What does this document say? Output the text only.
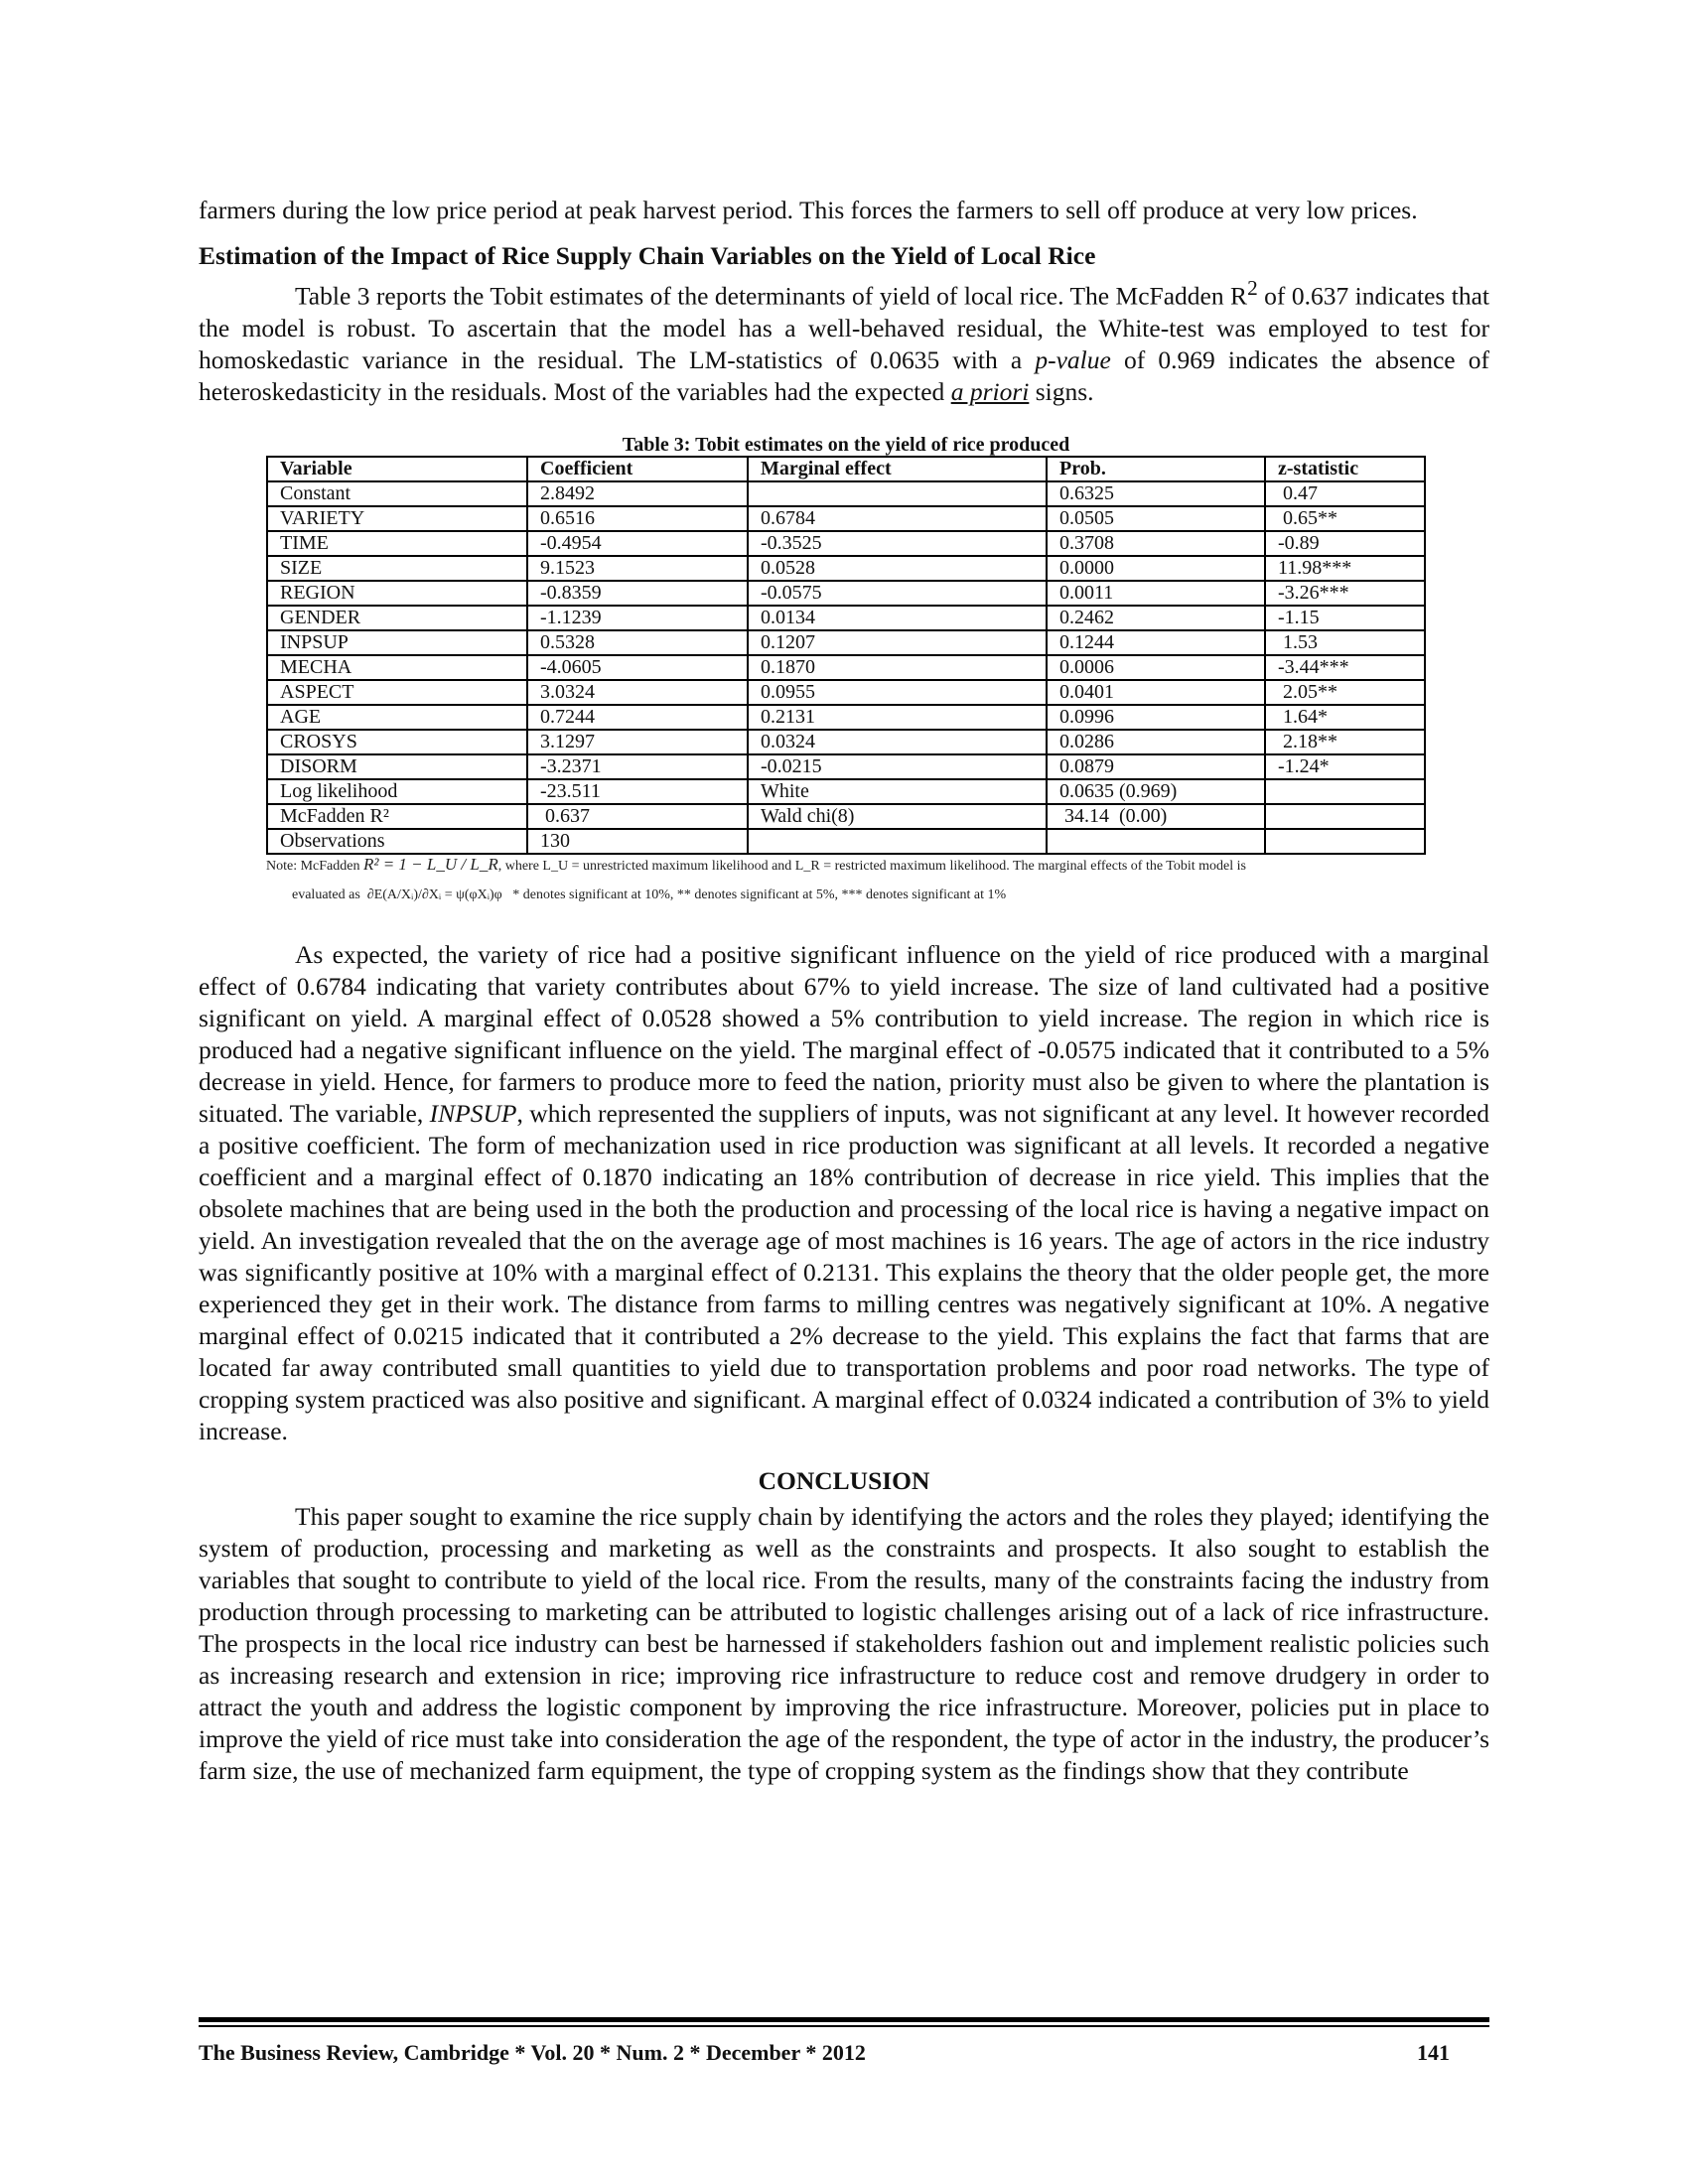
farmers during the low price period at peak harvest period. This forces the farmers to sell off produce at very low prices.

Estimation of the Impact of Rice Supply Chain Variables on the Yield of Local Rice

Table 3 reports the Tobit estimates of the determinants of yield of local rice. The McFadden $R^2$ of 0.637 indicates that the model is robust. To ascertain that the model has a well-behaved residual, the White-test was employed to test for homoskedastic variance in the residual. The LM-statistics of 0.0635 with a p-value of 0.969 indicates the absence of heteroskedasticity in the residuals. Most of the variables had the expected a priori signs.

Table 3: Tobit estimates on the yield of rice produced
Variable	Coefficient	Marginal effect	Prob.	z-statistic
Constant	2.8492		0.6325	0.47
VARIETY	0.6516	0.6784	0.0505	0.65**
TIME	-0.4954	-0.3525	0.3708	-0.89
SIZE	9.1523	0.0528	0.0000	11.98***
REGION	-0.8359	-0.0575	0.0011	-3.26***
GENDER	-1.1239	0.0134	0.2462	-1.15
INPSUP	0.5328	0.1207	0.1244	1.53
MECHA	-4.0605	0.1870	0.0006	-3.44***
ASPECT	3.0324	0.0955	0.0401	2.05**
AGE	0.7244	0.2131	0.0996	1.64*
CROSYS	3.1297	0.0324	0.0286	2.18**
DISORM	-3.2371	-0.0215	0.0879	-1.24*
Log likelihood	-23.511	White	0.0635 (0.969)	
McFadden R²	0.637	Wald chi(8)	34.14  (0.00)	
Observations	130			
Note: McFadden R² = 1 − L_U / L_R, where L_U = unrestricted maximum likelihood and L_R = restricted maximum likelihood. The marginal effects of the Tobit model is
evaluated as ∂E(A/Xᵢ)/∂Xᵢ = ψ(φXᵢ)φ * denotes significant at 10%, ** denotes significant at 5%, *** denotes significant at 1%

As expected, the variety of rice had a positive significant influence on the yield of rice produced with a marginal effect of 0.6784 indicating that variety contributes about 67% to yield increase. The size of land cultivated had a positive significant on yield. A marginal effect of 0.0528 showed a 5% contribution to yield increase. The region in which rice is produced had a negative significant influence on the yield. The marginal effect of -0.0575 indicated that it contributed to a 5% decrease in yield. Hence, for farmers to produce more to feed the nation, priority must also be given to where the plantation is situated. The variable, INPSUP, which represented the suppliers of inputs, was not significant at any level. It however recorded a positive coefficient. The form of mechanization used in rice production was significant at all levels. It recorded a negative coefficient and a marginal effect of 0.1870 indicating an 18% contribution of decrease in rice yield. This implies that the obsolete machines that are being used in the both the production and processing of the local rice is having a negative impact on yield. An investigation revealed that the on the average age of most machines is 16 years. The age of actors in the rice industry was significantly positive at 10% with a marginal effect of 0.2131. This explains the theory that the older people get, the more experienced they get in their work. The distance from farms to milling centres was negatively significant at 10%. A negative marginal effect of 0.0215 indicated that it contributed a 2% decrease to the yield. This explains the fact that farms that are located far away contributed small quantities to yield due to transportation problems and poor road networks. The type of cropping system practiced was also positive and significant. A marginal effect of 0.0324 indicated a contribution of 3% to yield increase.

CONCLUSION

This paper sought to examine the rice supply chain by identifying the actors and the roles they played; identifying the system of production, processing and marketing as well as the constraints and prospects. It also sought to establish the variables that sought to contribute to yield of the local rice. From the results, many of the constraints facing the industry from production through processing to marketing can be attributed to logistic challenges arising out of a lack of rice infrastructure. The prospects in the local rice industry can best be harnessed if stakeholders fashion out and implement realistic policies such as increasing research and extension in rice; improving rice infrastructure to reduce cost and remove drudgery in order to attract the youth and address the logistic component by improving the rice infrastructure. Moreover, policies put in place to improve the yield of rice must take into consideration the age of the respondent, the type of actor in the industry, the producer’s farm size, the use of mechanized farm equipment, the type of cropping system as the findings show that they contribute

The Business Review, Cambridge * Vol. 20 * Num. 2 * December * 2012	141
